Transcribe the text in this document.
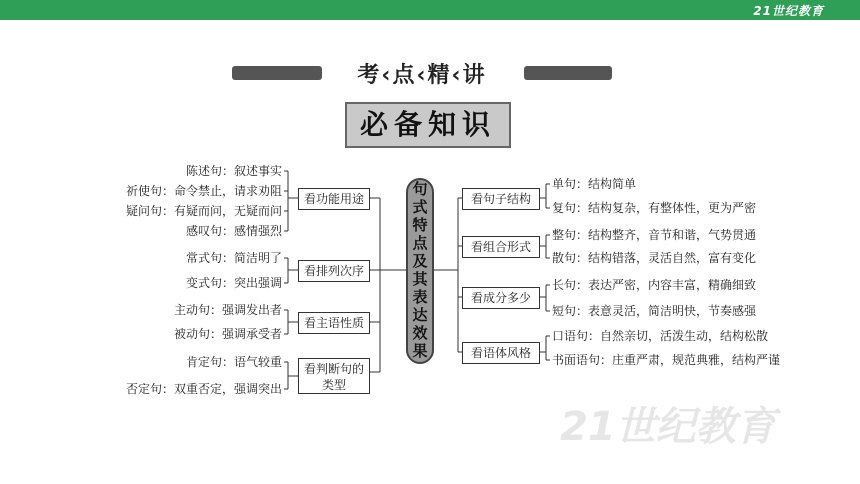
21世纪教育
考‹点‹精‹讲
必备知识
句式特点及其表达效果
看功能用途
看排列次序
看主语性质
看判断句的类型
陈述句：叙述事实
祈使句：命令禁止，请求劝阻
疑问句：有疑而问，无疑而问
感叹句：感情强烈
常式句：简洁明了
变式句：突出强调
主动句：强调发出者
被动句：强调承受者
肯定句：语气较重
否定句：双重否定，强调突出
看句子结构
看组合形式
看成分多少
看语体风格
单句：结构简单
复句：结构复杂，有整体性，更为严密
整句：结构整齐，音节和谐，气势贯通
散句：结构错落，灵活自然，富有变化
长句：表达严密，内容丰富，精确细致
短句：表意灵活，简洁明快，节奏感强
口语句：自然亲切，活泼生动，结构松散
书面语句：庄重严肃，规范典雅，结构严谨
21世纪教育
